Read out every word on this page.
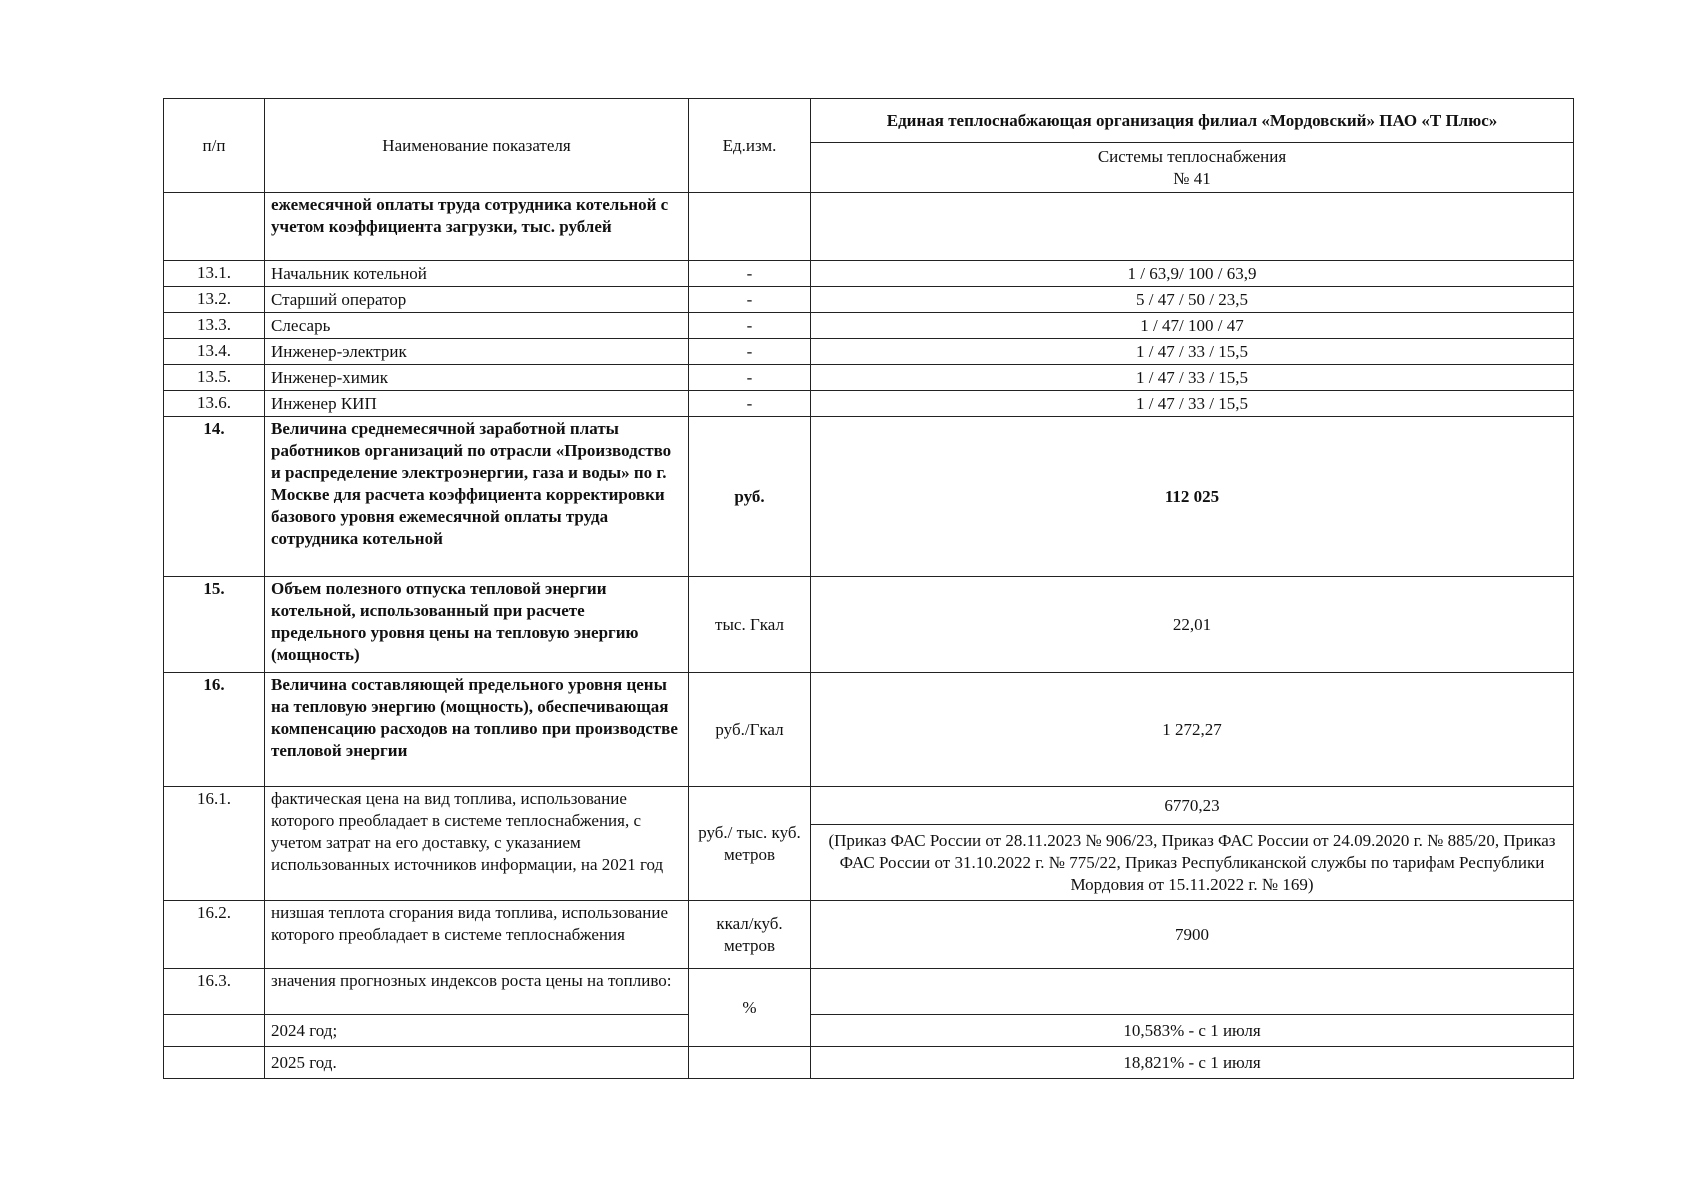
п/п	Наименование показателя	Ед.изм.	Единая теплоснабжающая организация филиал «Мордовский» ПАО «Т Плюс»

			Системы теплоснабжения
№ 41

	ежемесячной оплаты труда сотрудника котельной с учетом коэффициента загрузки, тыс. рублей		
13.1.	Начальник котельной	-	1 / 63,9/ 100 / 63,9
13.2.	Старший оператор	-	5 / 47 / 50 / 23,5
13.3.	Слесарь	-	1 / 47/ 100 / 47
13.4.	Инженер-электрик	-	1 / 47 / 33 / 15,5
13.5.	Инженер-химик	-	1 / 47 / 33 / 15,5
13.6.	Инженер КИП	-	1 / 47 / 33 / 15,5
14.	Величина среднемесячной заработной платы работников организаций по отрасли «Производство и распределение электроэнергии, газа и воды» по г. Москве для расчета коэффициента корректировки базового уровня ежемесячной оплаты труда сотрудника котельной	руб.	112 025
15.	Объем полезного отпуска тепловой энергии котельной, использованный при расчете предельного уровня цены на тепловую энергию (мощность)	тыс. Гкал	22,01
16.	Величина составляющей предельного уровня цены на тепловую энергию (мощность), обеспечивающая компенсацию расходов на топливо при производстве тепловой энергии	руб./Гкал	1 272,27
16.1.	фактическая цена на вид топлива, использование которого преобладает в системе теплоснабжения, с учетом затрат на его доставку, с указанием использованных источников информации, на 2021 год	руб./ тыс. куб. метров	6770,23
			(Приказ ФАС России от 28.11.2023 № 906/23, Приказ ФАС России от 24.09.2020 г. № 885/20, Приказ ФАС России от 31.10.2022 г. № 775/22, Приказ Республиканской службы по тарифам Республики Мордовия от 15.11.2022 г. № 169)
16.2.	низшая теплота сгорания вида топлива, использование которого преобладает в системе теплоснабжения	ккал/куб. метров	7900
16.3.	значения прогнозных индексов роста цены на топливо:	%	
	2024 год;		10,583% - с 1 июля
	2025 год.		18,821% - с 1 июля
